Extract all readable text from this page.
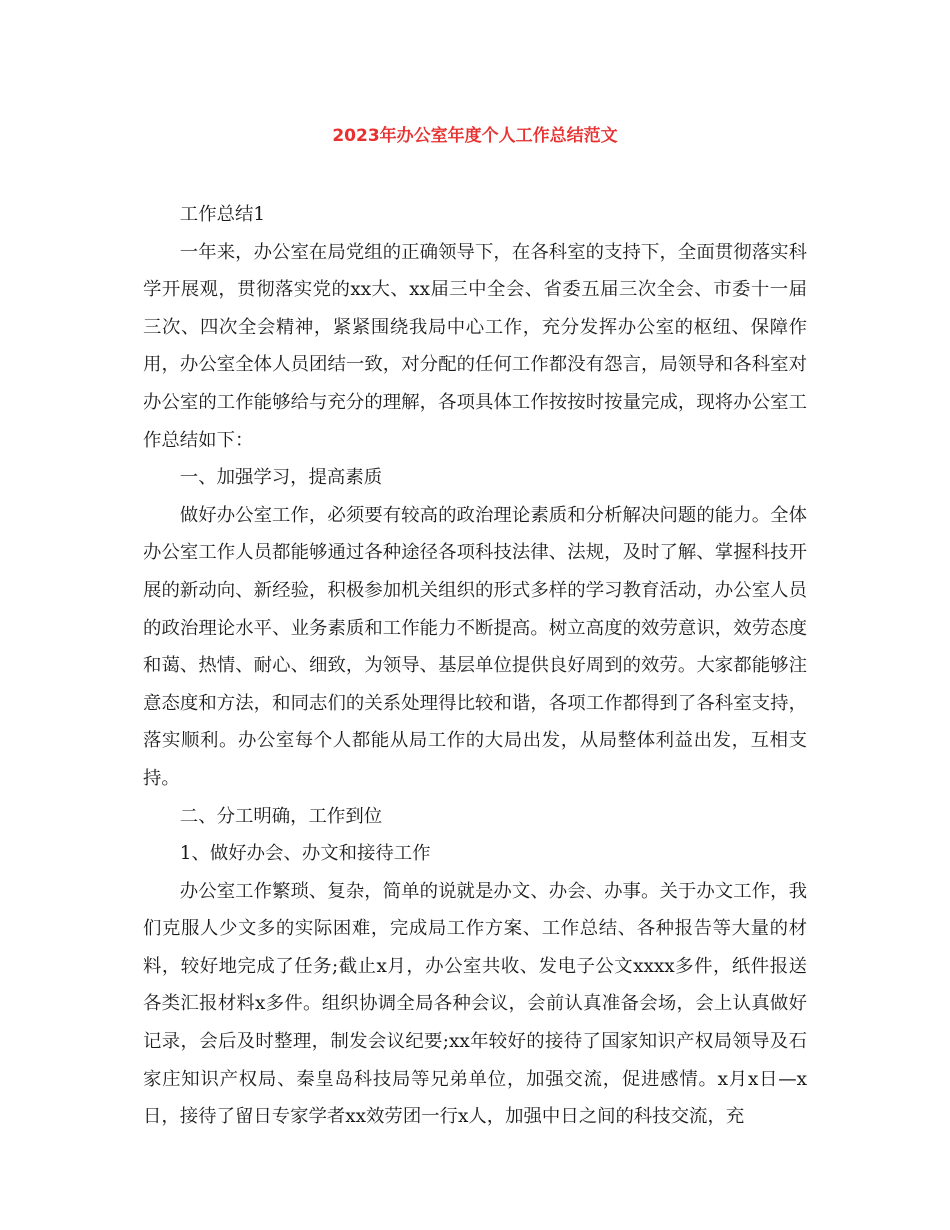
2023年办公室年度个人工作总结范文

工作总结1

一年来，办公室在局党组的正确领导下，在各科室的支持下，全面贯彻落实科学开展观，贯彻落实党的xx大、xx届三中全会、省委五届三次全会、市委十一届三次、四次全会精神，紧紧围绕我局中心工作，充分发挥办公室的枢纽、保障作用，办公室全体人员团结一致，对分配的任何工作都没有怨言，局领导和各科室对办公室的工作能够给与充分的理解，各项具体工作按按时按量完成，现将办公室工作总结如下：

一、加强学习，提高素质

做好办公室工作，必须要有较高的政治理论素质和分析解决问题的能力。全体办公室工作人员都能够通过各种途径各项科技法律、法规，及时了解、掌握科技开展的新动向、新经验，积极参加机关组织的形式多样的学习教育活动，办公室人员的政治理论水平、业务素质和工作能力不断提高。树立高度的效劳意识，效劳态度和蔼、热情、耐心、细致，为领导、基层单位提供良好周到的效劳。大家都能够注意态度和方法，和同志们的关系处理得比较和谐，各项工作都得到了各科室支持，落实顺利。办公室每个人都能从局工作的大局出发，从局整体利益出发，互相支持。

二、分工明确，工作到位

1、做好办会、办文和接待工作

办公室工作繁琐、复杂，简单的说就是办文、办会、办事。关于办文工作，我们克服人少文多的实际困难，完成局工作方案、工作总结、各种报告等大量的材料，较好地完成了任务;截止x月，办公室共收、发电子公文xxxx多件，纸件报送各类汇报材料x多件。组织协调全局各种会议，会前认真准备会场，会上认真做好记录，会后及时整理，制发会议纪要;xx年较好的接待了国家知识产权局领导及石家庄知识产权局、秦皇岛科技局等兄弟单位，加强交流，促进感情。x月x日—x日，接待了留日专家学者xx效劳团一行x人，加强中日之间的科技交流，充
